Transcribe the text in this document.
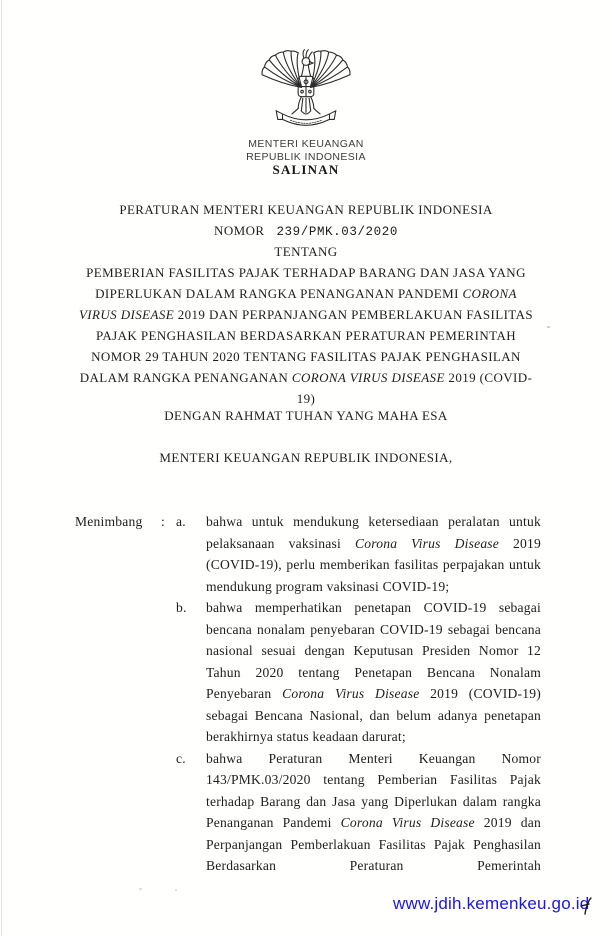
MENTERI KEUANGAN
REPUBLIK INDONESIA
SALINAN
PERATURAN MENTERI KEUANGAN REPUBLIK INDONESIA
NOMOR 239/PMK.03/2020
TENTANG
PEMBERIAN FASILITAS PAJAK TERHADAP BARANG DAN JASA YANG DIPERLUKAN DALAM RANGKA PENANGANAN PANDEMI CORONA VIRUS DISEASE 2019 DAN PERPANJANGAN PEMBERLAKUAN FASILITAS PAJAK PENGHASILAN BERDASARKAN PERATURAN PEMERINTAH NOMOR 29 TAHUN 2020 TENTANG FASILITAS PAJAK PENGHASILAN DALAM RANGKA PENANGANAN CORONA VIRUS DISEASE 2019 (COVID-19)
DENGAN RAHMAT TUHAN YANG MAHA ESA
MENTERI KEUANGAN REPUBLIK INDONESIA,
Menimbang	: a.	bahwa untuk mendukung ketersediaan peralatan untuk pelaksanaan vaksinasi Corona Virus Disease 2019 (COVID-19), perlu memberikan fasilitas perpajakan untuk mendukung program vaksinasi COVID-19;
b.	bahwa memperhatikan penetapan COVID-19 sebagai bencana nonalam penyebaran COVID-19 sebagai bencana nasional sesuai dengan Keputusan Presiden Nomor 12 Tahun 2020 tentang Penetapan Bencana Nonalam Penyebaran Corona Virus Disease 2019 (COVID-19) sebagai Bencana Nasional, dan belum adanya penetapan berakhirnya status keadaan darurat;
c.	bahwa Peraturan Menteri Keuangan Nomor 143/PMK.03/2020 tentang Pemberian Fasilitas Pajak terhadap Barang dan Jasa yang Diperlukan dalam rangka Penanganan Pandemi Corona Virus Disease 2019 dan Perpanjangan Pemberlakuan Fasilitas Pajak Penghasilan Berdasarkan Peraturan Pemerintah
www.jdih.kemenkeu.go.id
